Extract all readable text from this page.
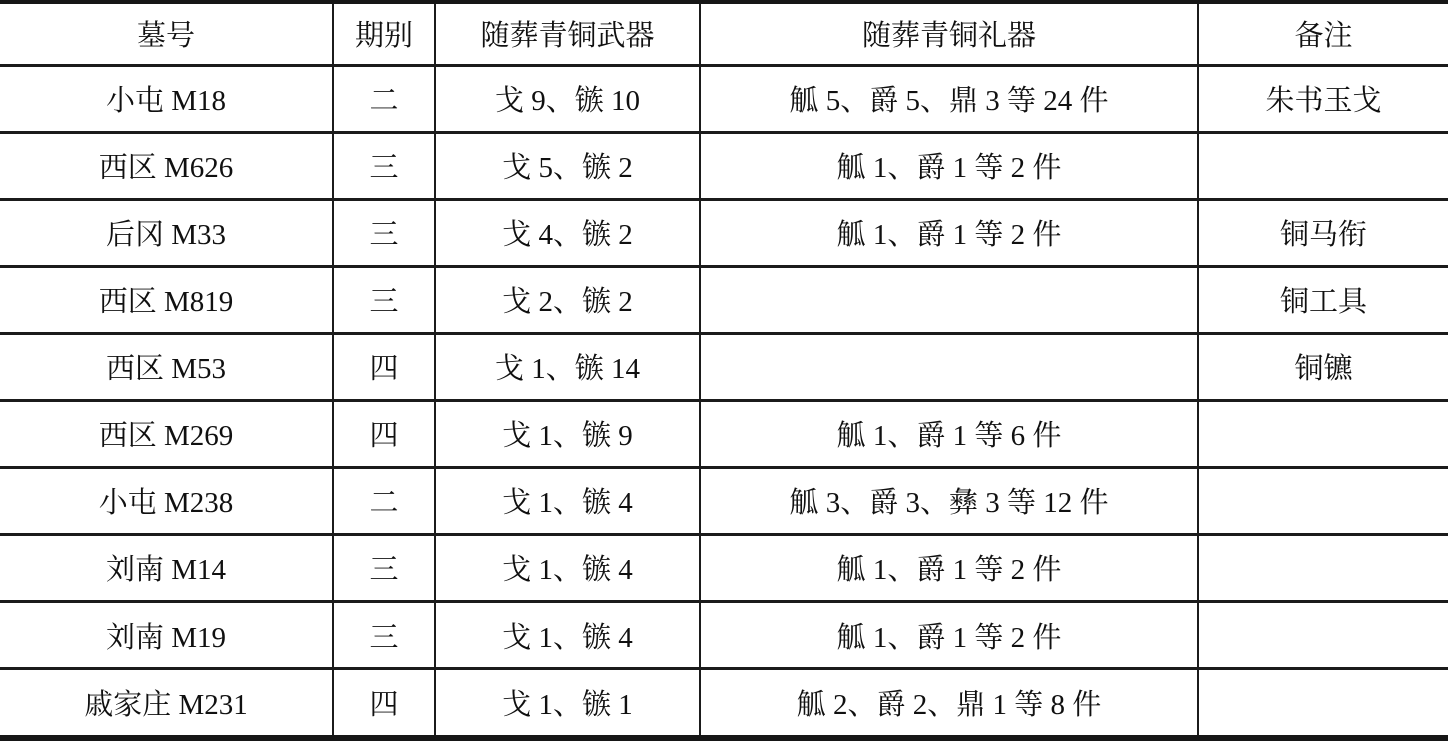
墓号	期别	随葬青铜武器	随葬青铜礼器	备注
小屯 M18	二	戈 9、镞 10	觚 5、爵 5、鼎 3 等 24 件	朱书玉戈
西区 M626	三	戈 5、镞 2	觚 1、爵 1 等 2 件	
后冈 M33	三	戈 4、镞 2	觚 1、爵 1 等 2 件	铜马衔
西区 M819	三	戈 2、镞 2		铜工具
西区 M53	四	戈 1、镞 14		铜镳
西区 M269	四	戈 1、镞 9	觚 1、爵 1 等 6 件	
小屯 M238	二	戈 1、镞 4	觚 3、爵 3、彝 3 等 12 件	
刘南 M14	三	戈 1、镞 4	觚 1、爵 1 等 2 件	
刘南 M19	三	戈 1、镞 4	觚 1、爵 1 等 2 件	
戚家庄 M231	四	戈 1、镞 1	觚 2、爵 2、鼎 1 等 8 件	
